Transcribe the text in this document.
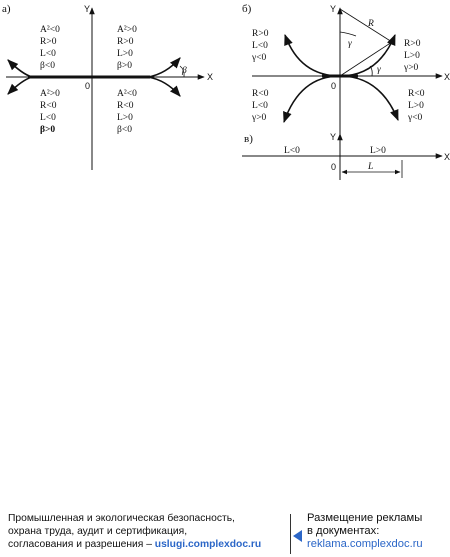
а)
X
Y
0
β
A²<0
R>0
L<0
β<0
A²>0
R>0
L>0
β>0
A²>0
R<0
L<0
β>0
A²<0
R<0
L>0
β<0
б)
X
Y
0
R
γ
γ
R>0
L<0
γ<0
R>0
L>0
γ>0
R<0
L<0
γ>0
R<0
L>0
γ<0
в)
X
Y
0
L<0	L>0
L
Промышленная и экологическая безопасность,
охрана труда, аудит и сертификация,
согласования и разрешения – uslugi.complexdoc.ru
Размещение рекламы
в документах:
reklama.complexdoc.ru
